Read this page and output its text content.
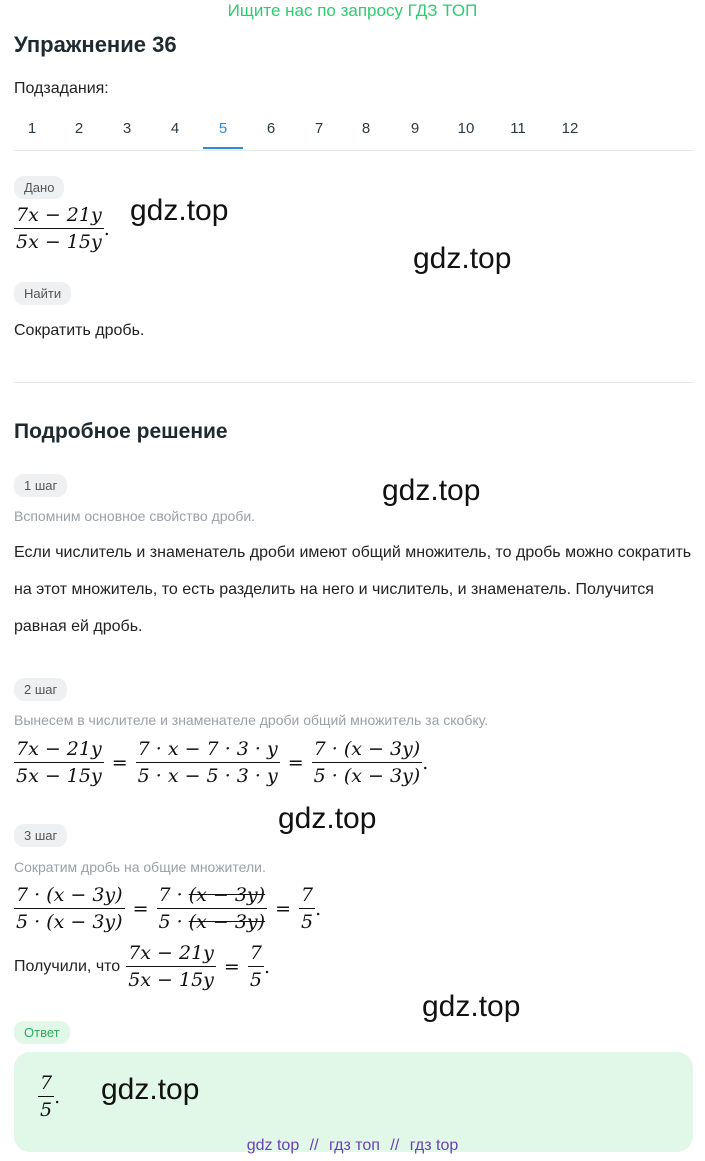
Ищите нас по запросу ГДЗ ТОП
Упражнение 36
Подзадания:
1	2	3	4	5	6	7	8	9	10	11	12
Дано
$\frac{7x - 21y}{5x - 15y}$ .
gdz.top
gdz.top
Найти
Сократить дробь.
Подробное решение
1 шаг	gdz.top
Вспомним основное свойство дроби.
Если числитель и знаменатель дроби имеют общий множитель, то дробь можно сократить на этот множитель, то есть разделить на него и числитель, и знаменатель. Получится равная ей дробь.
2 шаг
Вынесем в числителе и знаменателе дроби общий множитель за скобку.
$\frac{7x - 21y}{5x - 15y} = \frac{7 \cdot x - 7 \cdot 3 \cdot y}{5 \cdot x - 5 \cdot 3 \cdot y} = \frac{7 \cdot (x - 3y)}{5 \cdot (x - 3y)}$ .
gdz.top
3 шаг
Сократим дробь на общие множители.
$\frac{7 \cdot (x - 3y)}{5 \cdot (x - 3y)} = \frac{7 \cdot (x - 3y)}{5 \cdot (x - 3y)} = \frac{7}{5}$ .
Получили, что $\frac{7x - 21y}{5x - 15y} = \frac{7}{5}$ .
gdz.top
Ответ
$\frac{7}{5}$ . gdz.top
gdz top // гдз топ // гдз top
